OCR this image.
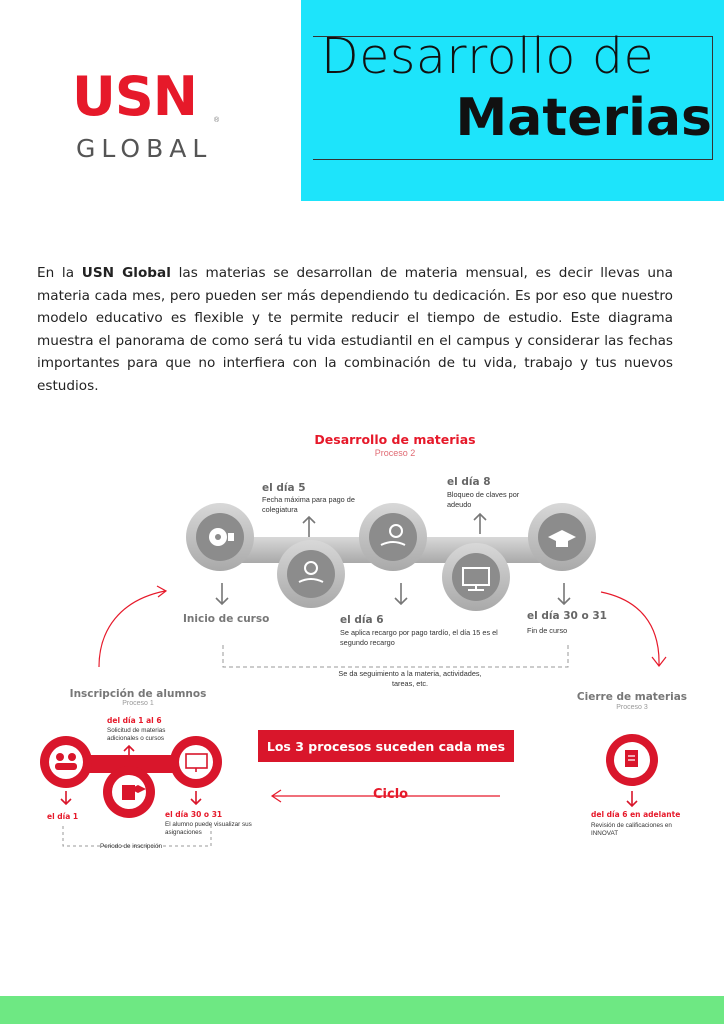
Desarrollo de
Materias
USN ®
GLOBAL
En la USN Global las materias se desarrollan de materia mensual, es decir llevas una materia cada mes, pero pueden ser más dependiendo tu dedicación. Es por eso que nuestro modelo educativo es flexible y te permite reducir el tiempo de estudio. Este diagrama muestra el panorama de como será tu vida estudiantil en el campus y considerar las fechas importantes para que no interfiera con la combinación de tu vida, trabajo y tus nuevos estudios.
Desarrollo de materias
Proceso 2
el día 5
Fecha máxima para pago de colegiatura
el día 8
Bloqueo de claves por adeudo
Inicio de curso	el día 6
Se aplica recargo por pago tardío, el día 15 es el segundo recargo
el día 30 o 31
Fin de curso
Se da seguimiento a la materia, actividades, tareas, etc.
Inscripción de alumnos
Proceso 1
del día 1 al 6
Solicitud de materias adicionales o cursos
el día 1	el día 30 o 31
El alumno puede visualizar sus asignaciones
Periodo de inscripción
Cierre de materias
Proceso 3
del día 6 en adelante
Revisión de calificaciones en INNOVAT
Los 3 procesos suceden cada mes
Ciclo
